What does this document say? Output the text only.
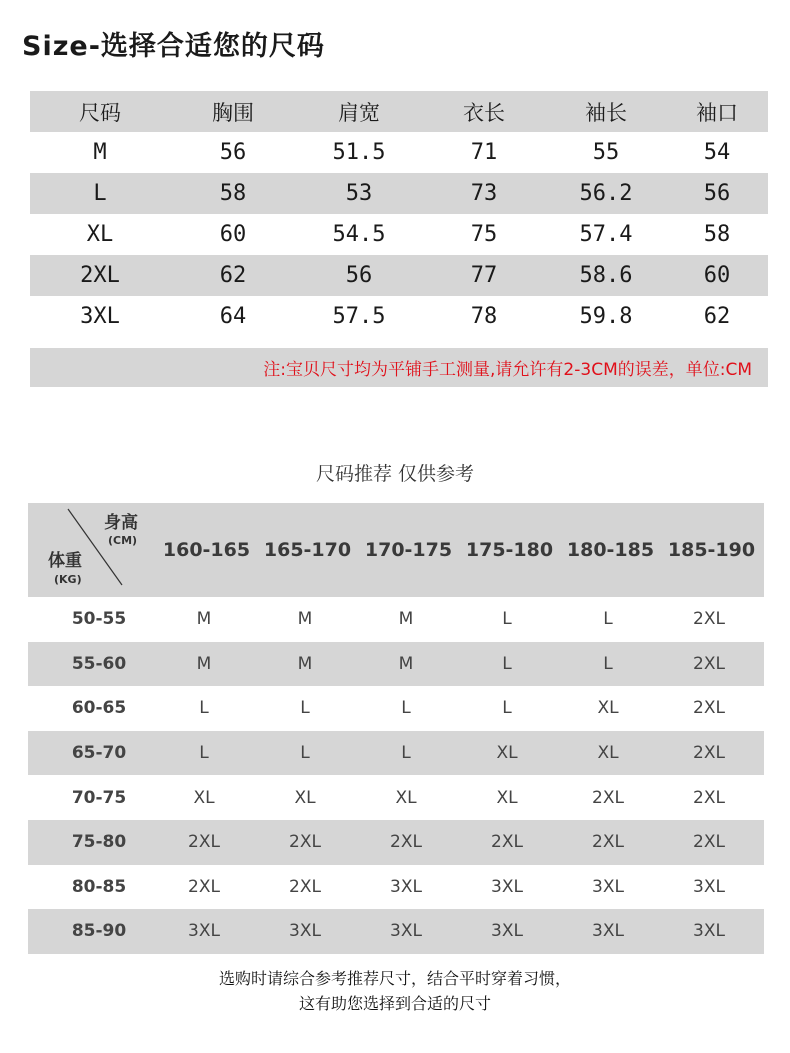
Size-选择合适您的尺码
尺码	胸围	肩宽	衣长	袖长	袖口
M	56	51.5	71	55	54
L	58	53	73	56.2	56
XL	60	54.5	75	57.4	58
2XL	62	56	77	58.6	60
3XL	64	57.5	78	59.8	62
注:宝贝尺寸均为平铺手工测量,请允许有2-3CM的误差，单位:CM
尺码推荐 仅供参考
身高
(CM)
体重
(KG)
160-165 165-170 170-175 175-180 180-185 185-190
50-55	M	M	M	L	L	2XL
55-60	M	M	M	L	L	2XL
60-65	L	L	L	L	XL	2XL
65-70	L	L	L	XL	XL	2XL
70-75	XL	XL	XL	XL	2XL	2XL
75-80	2XL	2XL	2XL	2XL	2XL	2XL
80-85	2XL	2XL	3XL	3XL	3XL	3XL
85-90	3XL	3XL	3XL	3XL	3XL	3XL
选购时请综合参考推荐尺寸，结合平时穿着习惯，
这有助您选择到合适的尺寸
